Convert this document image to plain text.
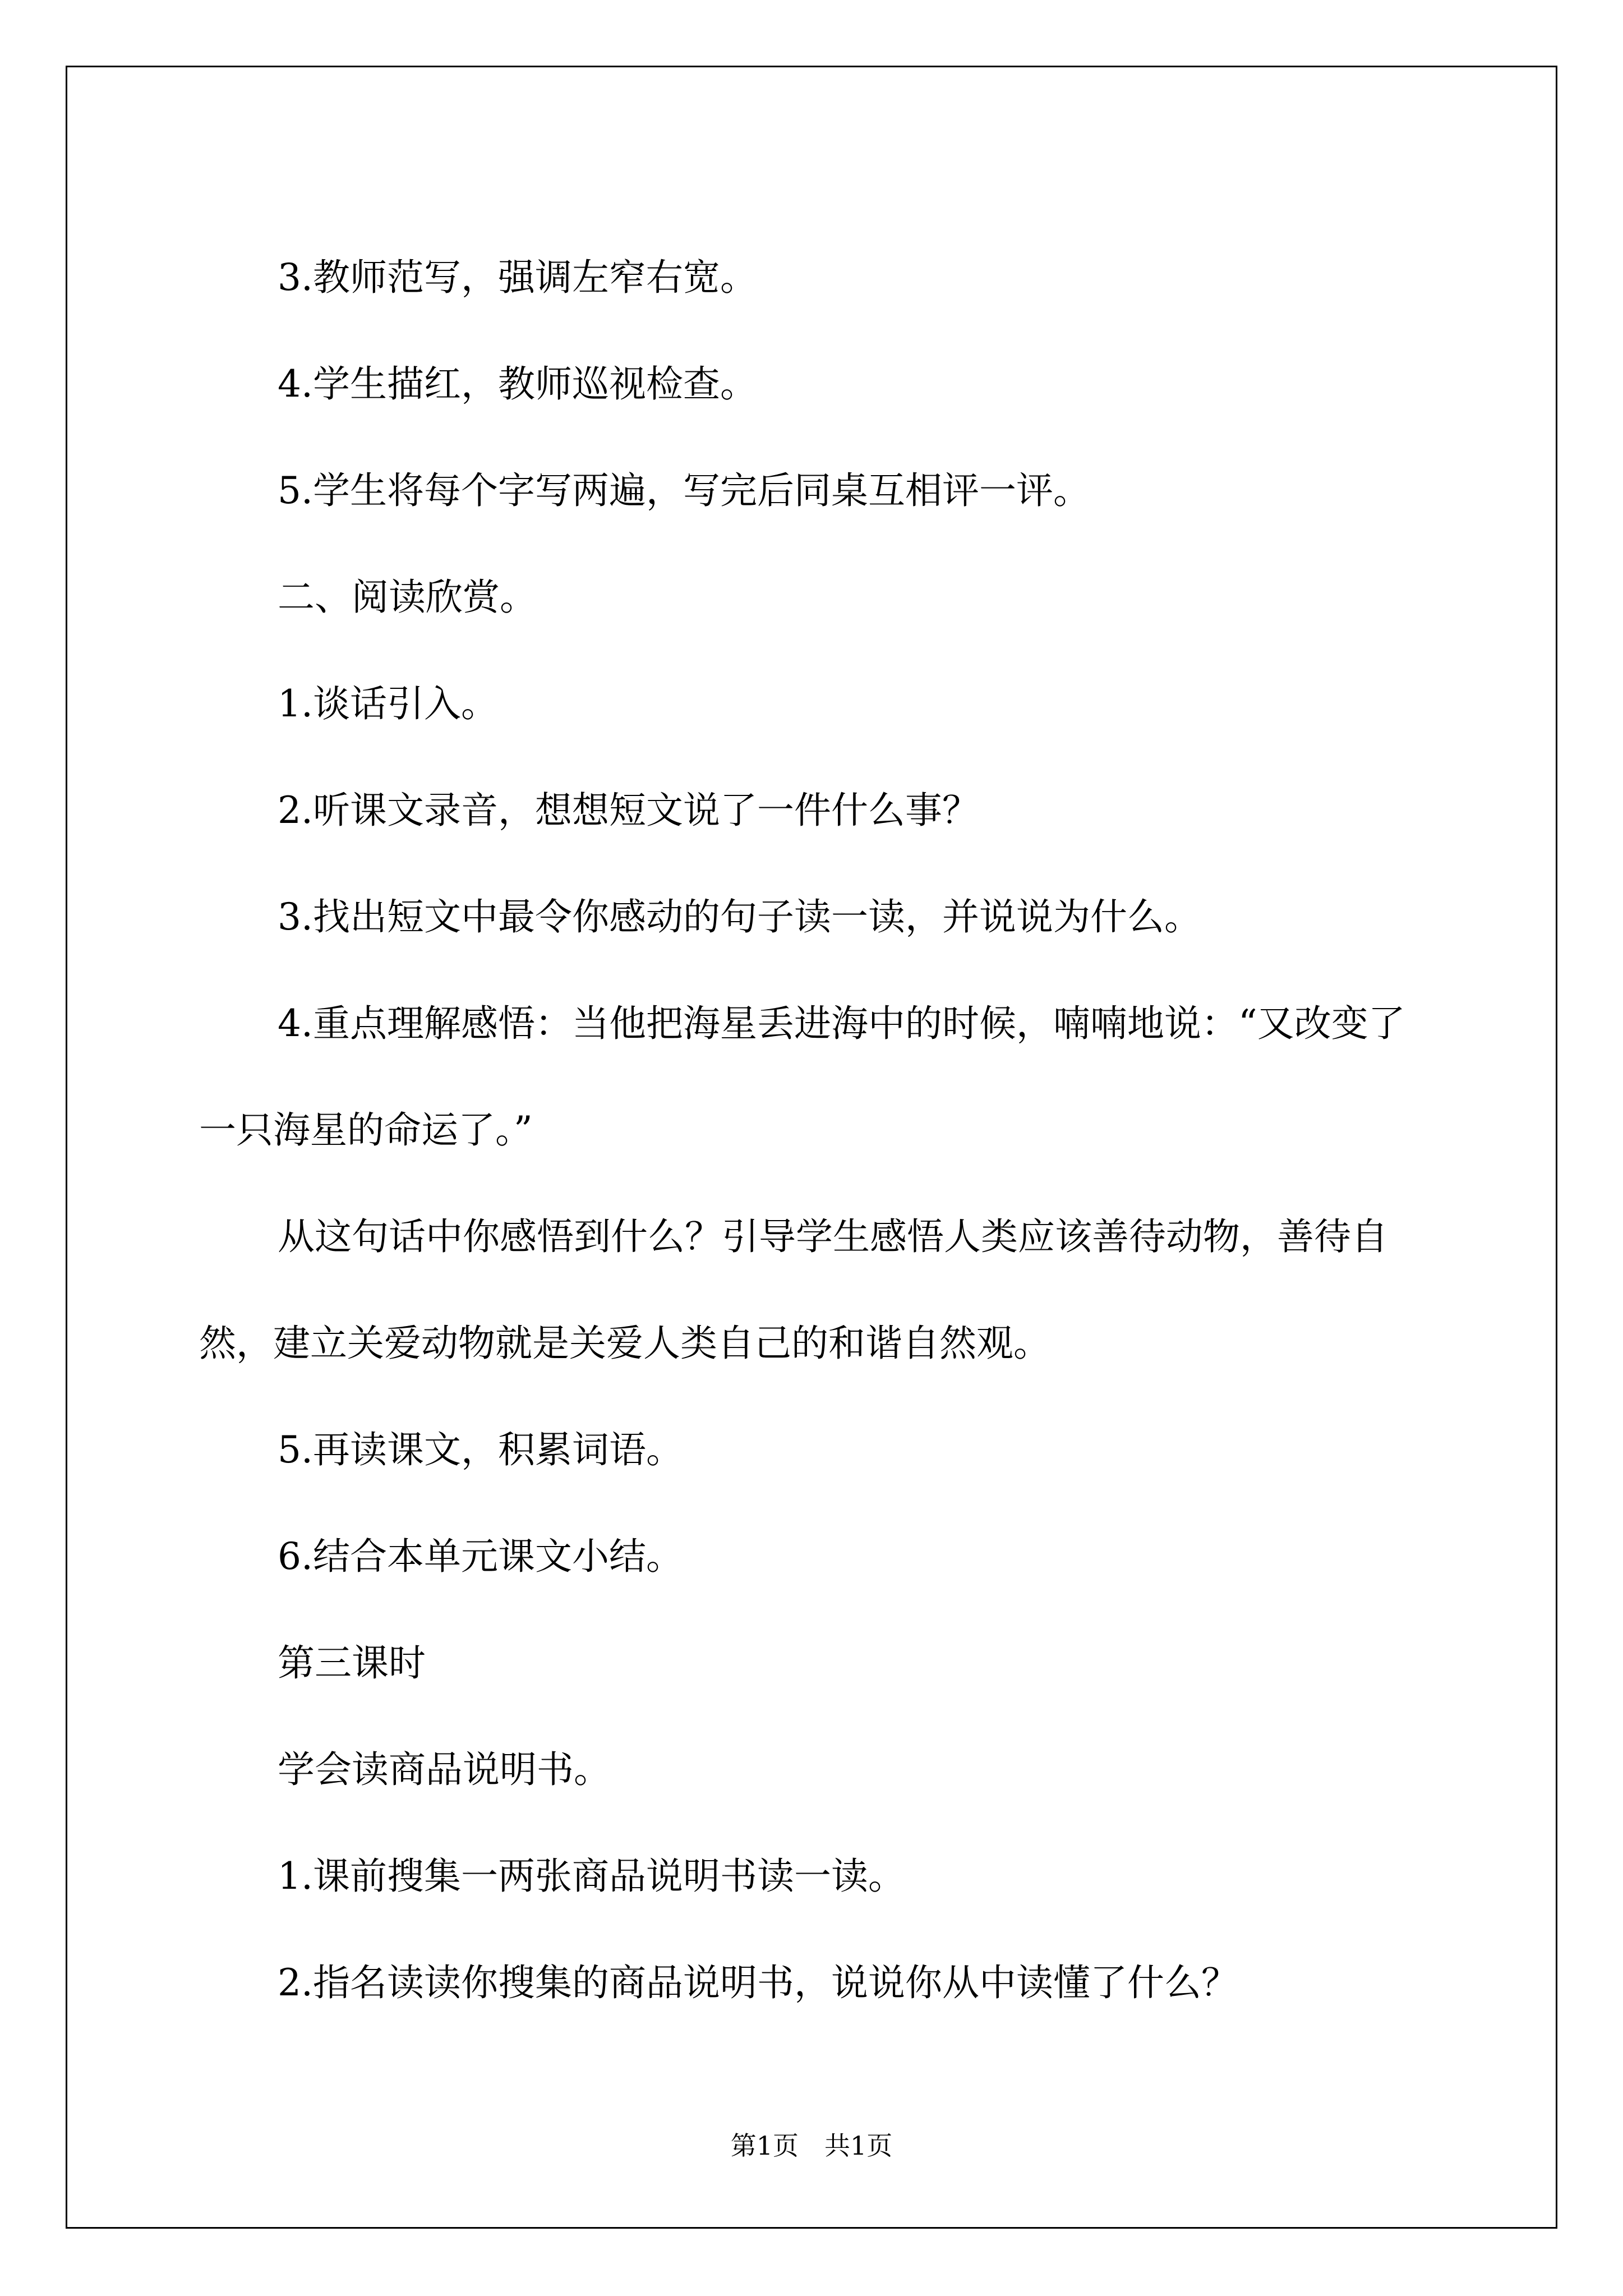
3.教师范写，强调左窄右宽。

4.学生描红，教师巡视检查。

5.学生将每个字写两遍，写完后同桌互相评一评。

二、阅读欣赏。

1.谈话引入。

2.听课文录音，想想短文说了一件什么事？

3.找出短文中最令你感动的句子读一读，并说说为什么。

4.重点理解感悟：当他把海星丢进海中的时候，喃喃地说：“又改变了一只海星的命运了。”

从这句话中你感悟到什么？引导学生感悟人类应该善待动物，善待自然，建立关爱动物就是关爱人类自己的和谐自然观。

5.再读课文，积累词语。

6.结合本单元课文小结。

第三课时

学会读商品说明书。

1.课前搜集一两张商品说明书读一读。

2.指名读读你搜集的商品说明书，说说你从中读懂了什么？

第1页　共1页
